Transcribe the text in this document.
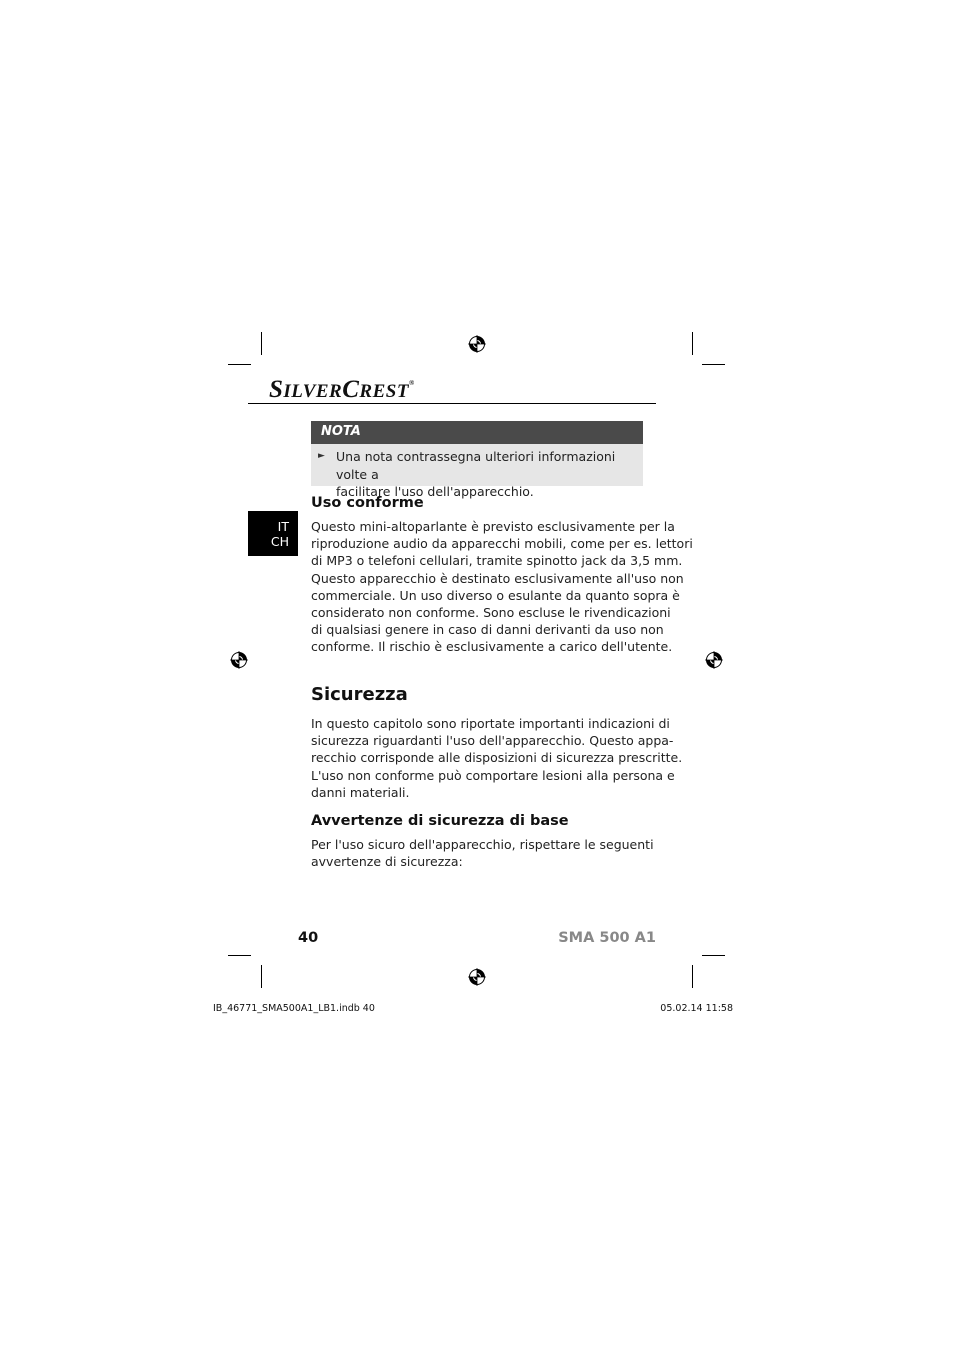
SILVERCREST®
NOTA
► Una nota contrassegna ulteriori informazioni volte a
facilitare l'uso dell'apparecchio.
IT
CH
Uso conforme
Questo mini-altoparlante è previsto esclusivamente per la
riproduzione audio da apparecchi mobili, come per es. lettori
di MP3 o telefoni cellulari, tramite spinotto jack da 3,5 mm.
Questo apparecchio è destinato esclusivamente all'uso non
commerciale. Un uso diverso o esulante da quanto sopra è
considerato non conforme. Sono escluse le rivendicazioni
di qualsiasi genere in caso di danni derivanti da uso non
conforme. Il rischio è esclusivamente a carico dell'utente.
Sicurezza
In questo capitolo sono riportate importanti indicazioni di
sicurezza riguardanti l'uso dell'apparecchio. Questo appa-
recchio corrisponde alle disposizioni di sicurezza prescritte.
L'uso non conforme può comportare lesioni alla persona e
danni materiali.
Avvertenze di sicurezza di base
Per l'uso sicuro dell'apparecchio, rispettare le seguenti
avvertenze di sicurezza:
40	SMA 500 A1
IB_46771_SMA500A1_LB1.indb 40	05.02.14 11:58
